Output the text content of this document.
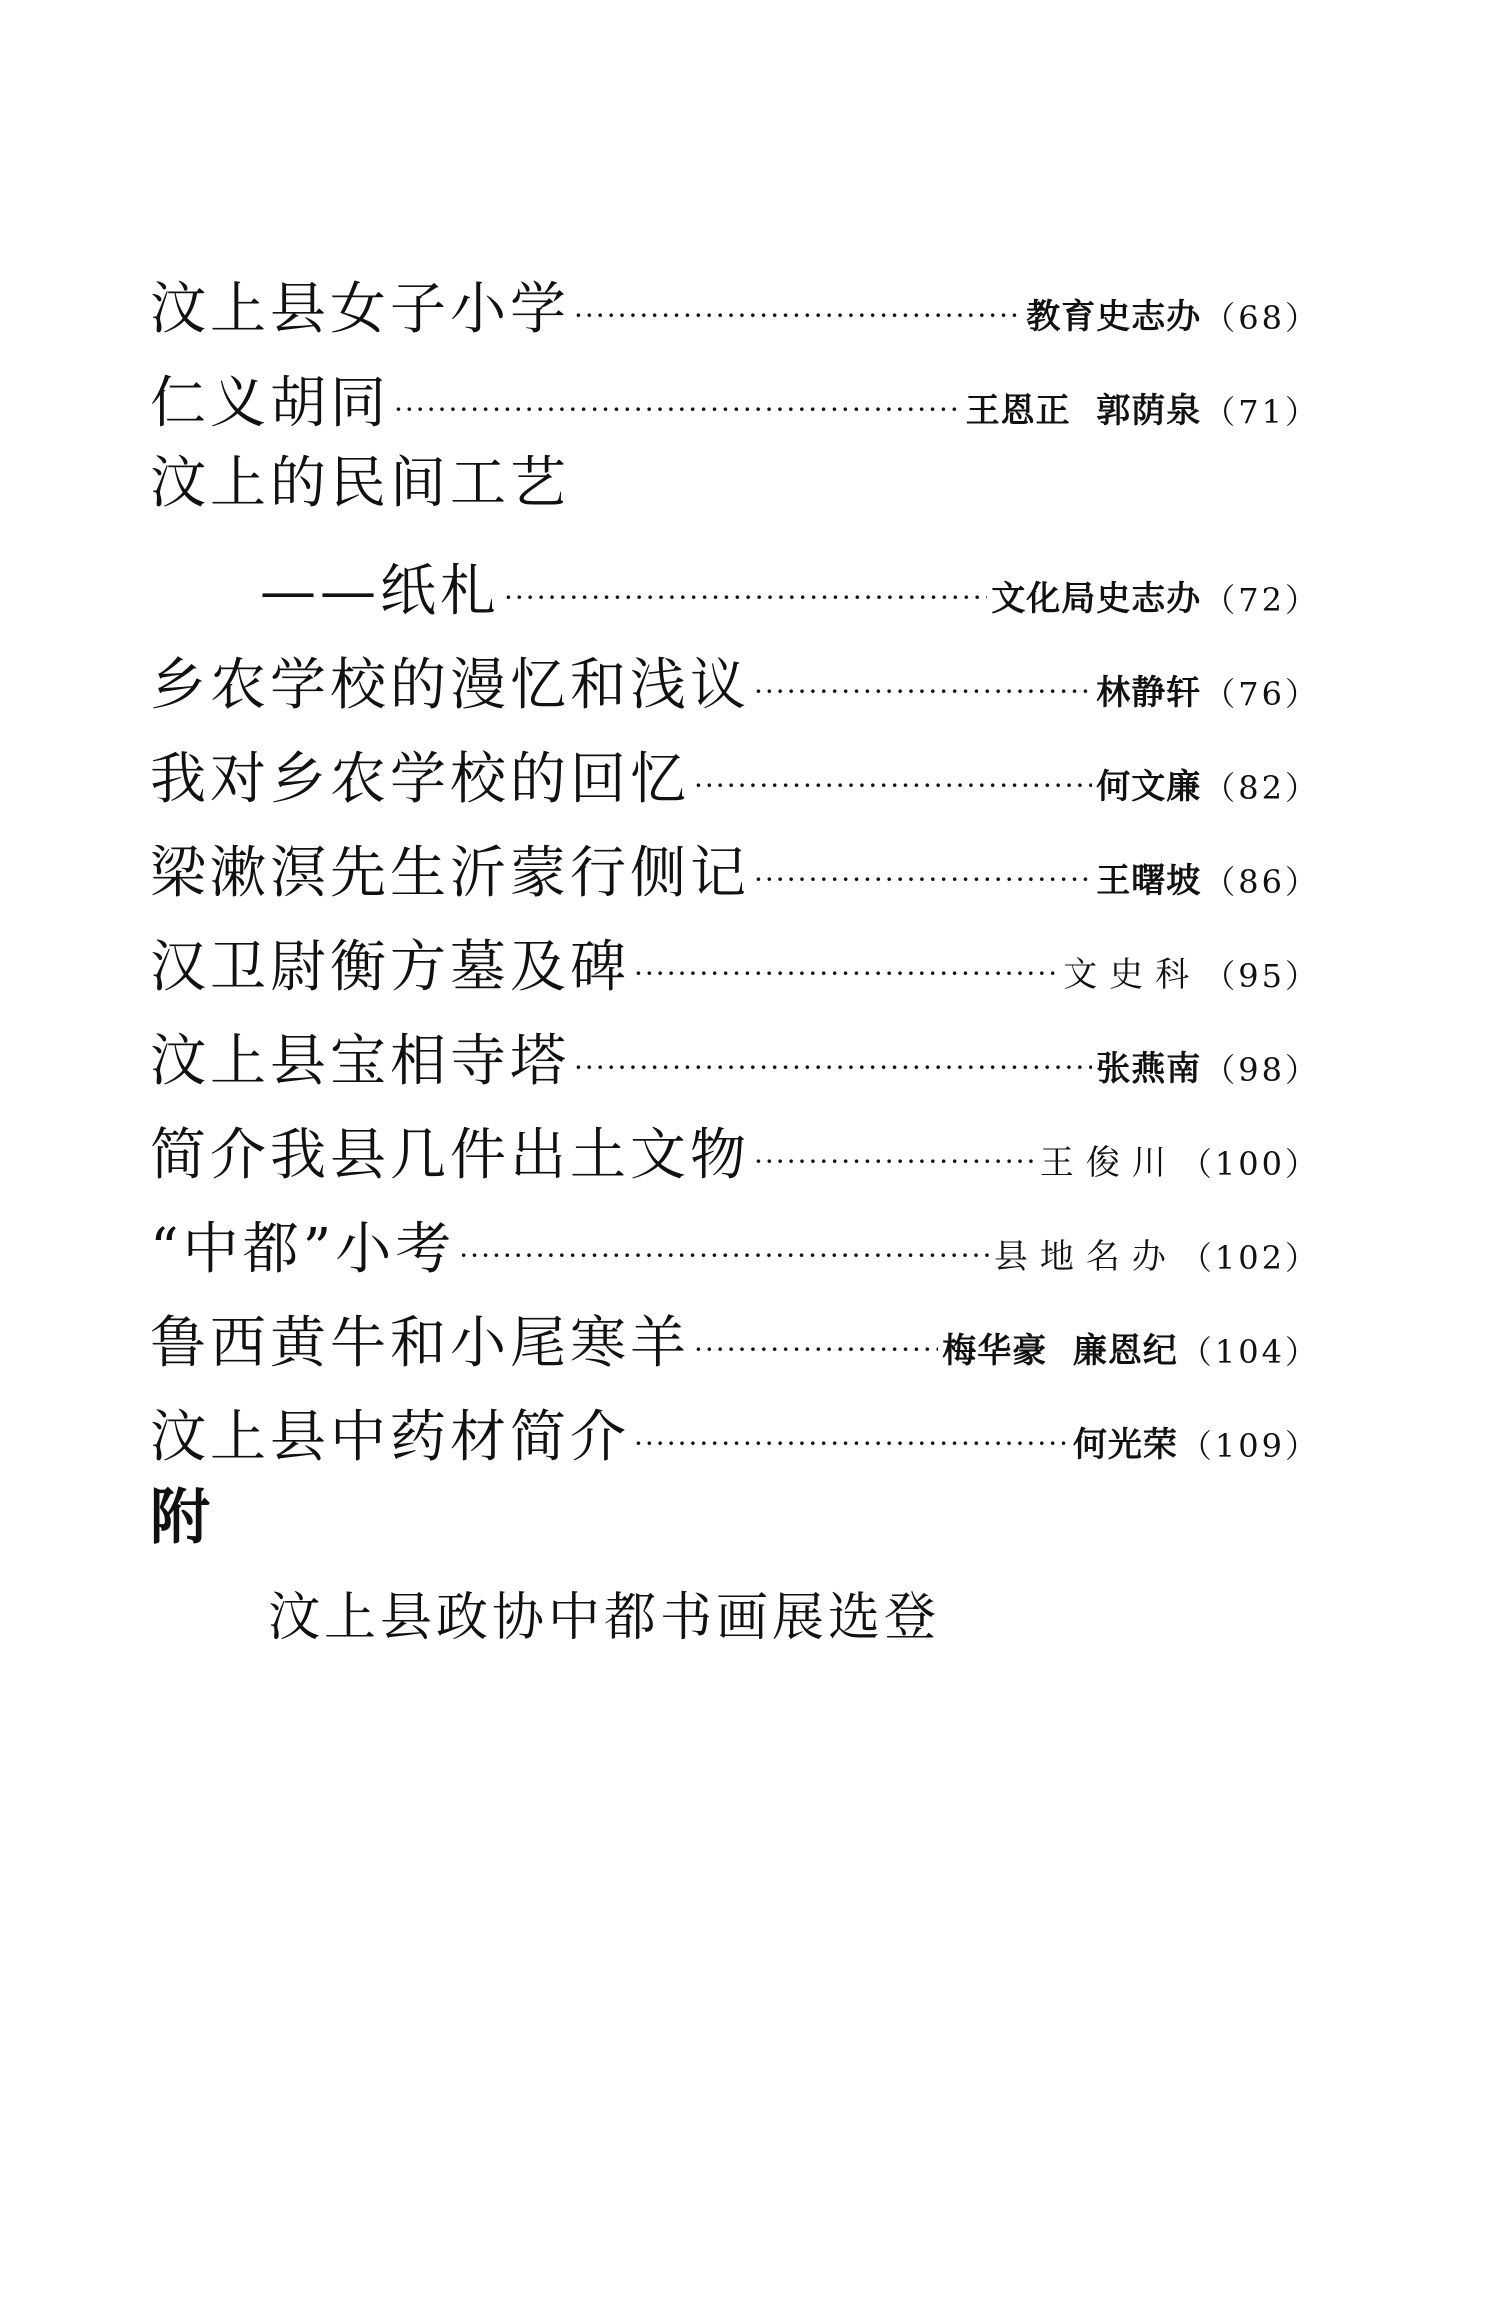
汶上县女子小学 ·····	教育史志办 （68）
仁义胡同 ·····	王恩正  郭荫泉 （71）
汶上的民间工艺
——纸札 ·····	文化局史志办 （72）
乡农学校的漫忆和浅议 ·····	林静轩 （76）
我对乡农学校的回忆 ·····	何文廉 （82）
梁漱溟先生沂蒙行侧记 ·····	王曙坡 （86）
汉卫尉衡方墓及碑 ·····	文史科 （95）
汶上县宝相寺塔 ·····	张燕南 （98）
简介我县几件出土文物 ·····	王俊川 （100）
“中都”小考 ·····	县地名办 （102）
鲁西黄牛和小尾寒羊 ·····	梅华豪  廉恩纪 （104）
汶上县中药材简介 ·····	何光荣 （109）
附
汶上县政协中都书画展选登
